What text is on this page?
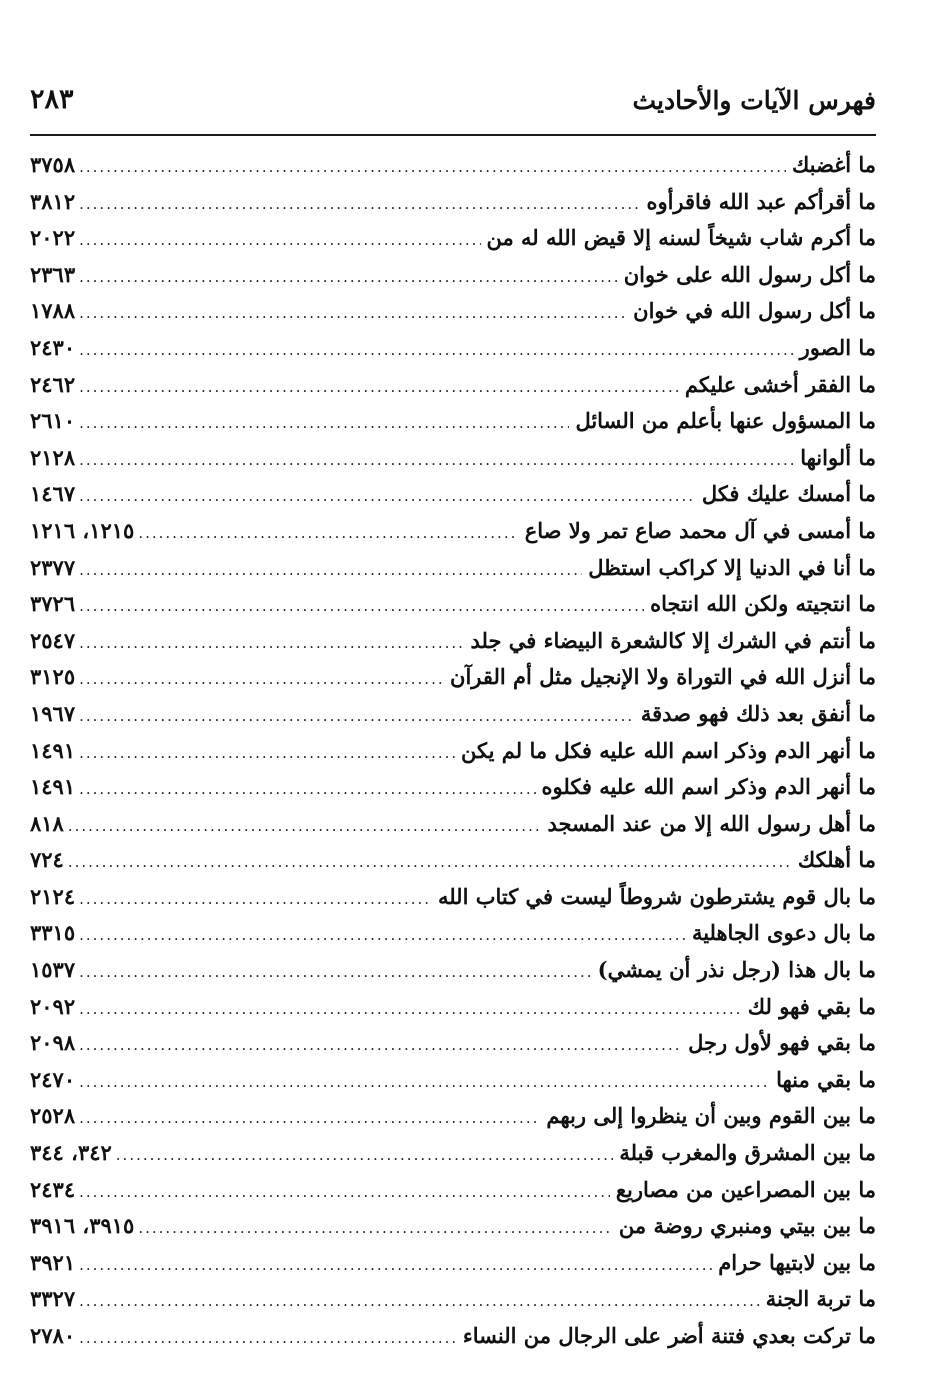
فهرس الآيات والأحاديث
٢٨٣
ما أغضبك
.....
٣٧٥٨
ما أقرأكم عبد الله فاقرأوه
.....
٣٨١٢
ما أكرم شاب شيخاً لسنه إلا قيض الله له من
.....
٢٠٢٢
ما أكل رسول الله على خوان
.....
٢٣٦٣
ما أكل رسول الله في خوان
.....
١٧٨٨
ما الصور
.....
٢٤٣٠
ما الفقر أخشى عليكم
.....
٢٤٦٢
ما المسؤول عنها بأعلم من السائل
.....
٢٦١٠
ما ألوانها
.....
٢١٢٨
ما أمسك عليك فكل
.....
١٤٦٧
ما أمسى في آل محمد صاع تمر ولا صاع
.....
١٢١٥، ١٢١٦
ما أنا في الدنيا إلا كراكب استظل
.....
٢٣٧٧
ما انتجيته ولكن الله انتجاه
.....
٣٧٢٦
ما أنتم في الشرك إلا كالشعرة البيضاء في جلد
.....
٢٥٤٧
ما أنزل الله في التوراة ولا الإنجيل مثل أم القرآن
.....
٣١٢٥
ما أنفق بعد ذلك فهو صدقة
.....
١٩٦٧
ما أنهر الدم وذكر اسم الله عليه فكل ما لم يكن
.....
١٤٩١
ما أنهر الدم وذكر اسم الله عليه فكلوه
.....
١٤٩١
ما أهل رسول الله إلا من عند المسجد
.....
٨١٨
ما أهلكك
.....
٧٢٤
ما بال قوم يشترطون شروطاً ليست في كتاب الله
.....
٢١٢٤
ما بال دعوى الجاهلية
.....
٣٣١٥
ما بال هذا (رجل نذر أن يمشي)
.....
١٥٣٧
ما بقي فهو لك
.....
٢٠٩٢
ما بقي فهو لأول رجل
.....
٢٠٩٨
ما بقي منها
.....
٢٤٧٠
ما بين القوم وبين أن ينظروا إلى ربهم
.....
٢٥٢٨
ما بين المشرق والمغرب قبلة
.....
٣٤٢، ٣٤٤
ما بين المصراعين من مصاريع
.....
٢٤٣٤
ما بين بيتي ومنبري روضة من
.....
٣٩١٥، ٣٩١٦
ما بين لابتيها حرام
.....
٣٩٢١
ما تربة الجنة
.....
٣٣٢٧
ما تركت بعدي فتنة أضر على الرجال من النساء
.....
٢٧٨٠
